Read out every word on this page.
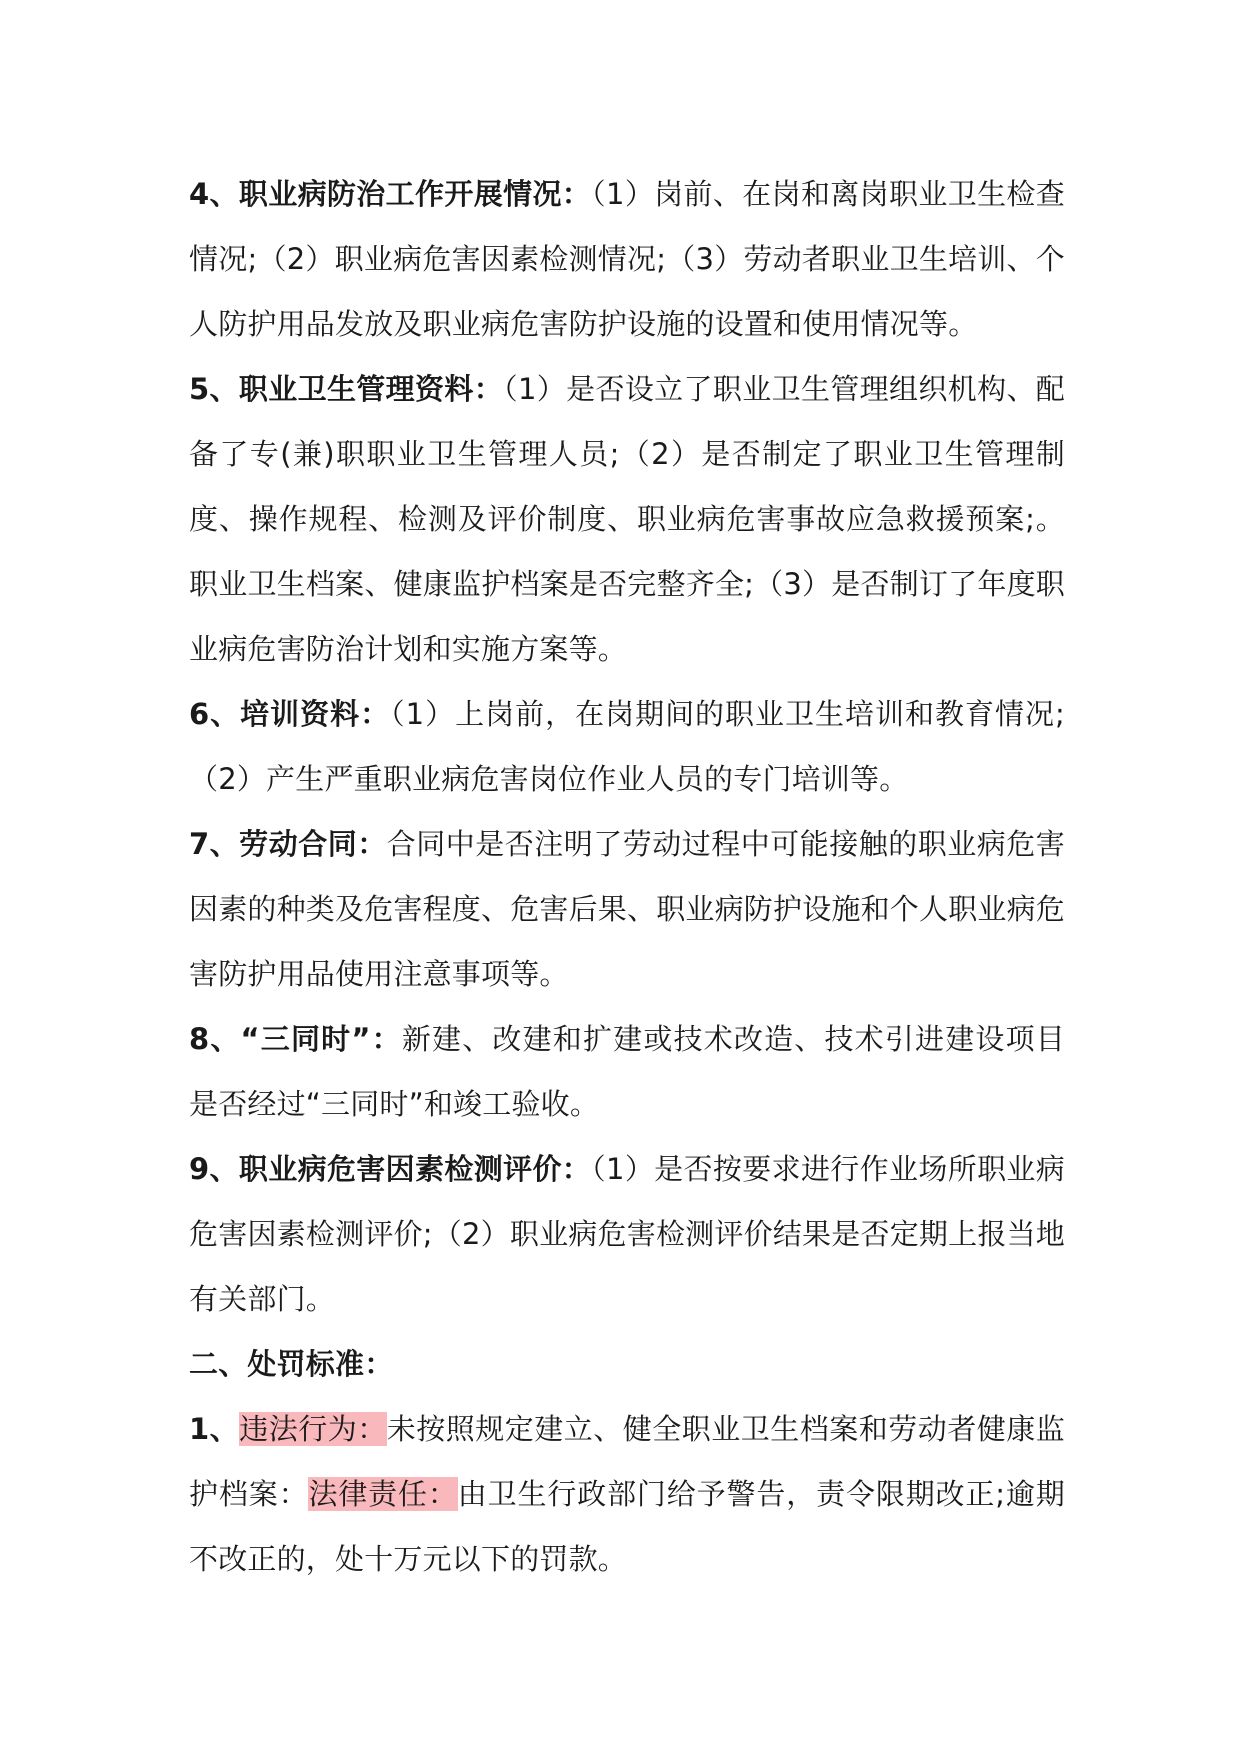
4、职业病防治工作开展情况：（1）岗前、在岗和离岗职业卫生检查情况;（2）职业病危害因素检测情况;（3）劳动者职业卫生培训、个人防护用品发放及职业病危害防护设施的设置和使用情况等。

5、职业卫生管理资料：（1）是否设立了职业卫生管理组织机构、配备了专(兼)职职业卫生管理人员;（2）是否制定了职业卫生管理制度、操作规程、检测及评价制度、职业病危害事故应急救援预案;。职业卫生档案、健康监护档案是否完整齐全;（3）是否制订了年度职业病危害防治计划和实施方案等。

6、培训资料：（1）上岗前，在岗期间的职业卫生培训和教育情况;（2）产生严重职业病危害岗位作业人员的专门培训等。

7、劳动合同：合同中是否注明了劳动过程中可能接触的职业病危害因素的种类及危害程度、危害后果、职业病防护设施和个人职业病危害防护用品使用注意事项等。

8、“三同时”：新建、改建和扩建或技术改造、技术引进建设项目是否经过“三同时”和竣工验收。

9、职业病危害因素检测评价：（1）是否按要求进行作业场所职业病危害因素检测评价;（2）职业病危害检测评价结果是否定期上报当地有关部门。

二、处罚标准：

1、违法行为：未按照规定建立、健全职业卫生档案和劳动者健康监护档案：法律责任：由卫生行政部门给予警告，责令限期改正;逾期不改正的，处十万元以下的罚款。
